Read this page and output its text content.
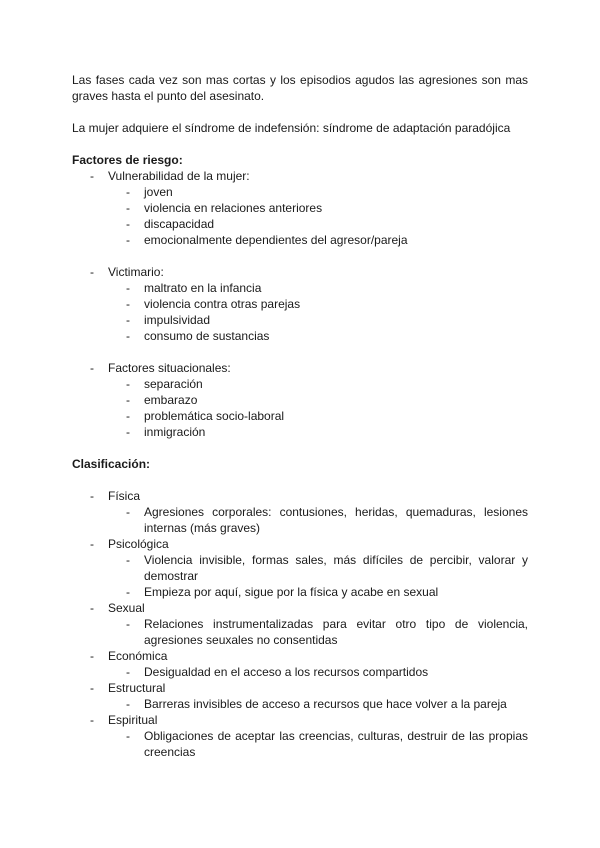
Las fases cada vez son mas cortas y los episodios agudos las agresiones son mas graves hasta el punto del asesinato.

La mujer adquiere el síndrome de indefensión: síndrome de adaptación paradójica

Factores de riesgo:

- Vulnerabilidad de la mujer:
- joven
- violencia en relaciones anteriores
- discapacidad
- emocionalmente dependientes del agresor/pareja
- Victimario:
- maltrato en la infancia
- violencia contra otras parejas
- impulsividad
- consumo de sustancias
- Factores situacionales:
- separación
- embarazo
- problemática socio-laboral
- inmigración

Clasificación:

- Física
- Agresiones corporales: contusiones, heridas, quemaduras, lesiones internas (más graves)
- Psicológica
- Violencia invisible, formas sales, más difíciles de percibir, valorar y demostrar
- Empieza por aquí, sigue por la física y acabe en sexual
- Sexual
- Relaciones instrumentalizadas para evitar otro tipo de violencia, agresiones seuxales no consentidas
- Económica
- Desigualdad en el acceso a los recursos compartidos
- Estructural
- Barreras invisibles de acceso a recursos que hace volver a la pareja
- Espiritual
- Obligaciones de aceptar las creencias, culturas, destruir de las propias creencias
